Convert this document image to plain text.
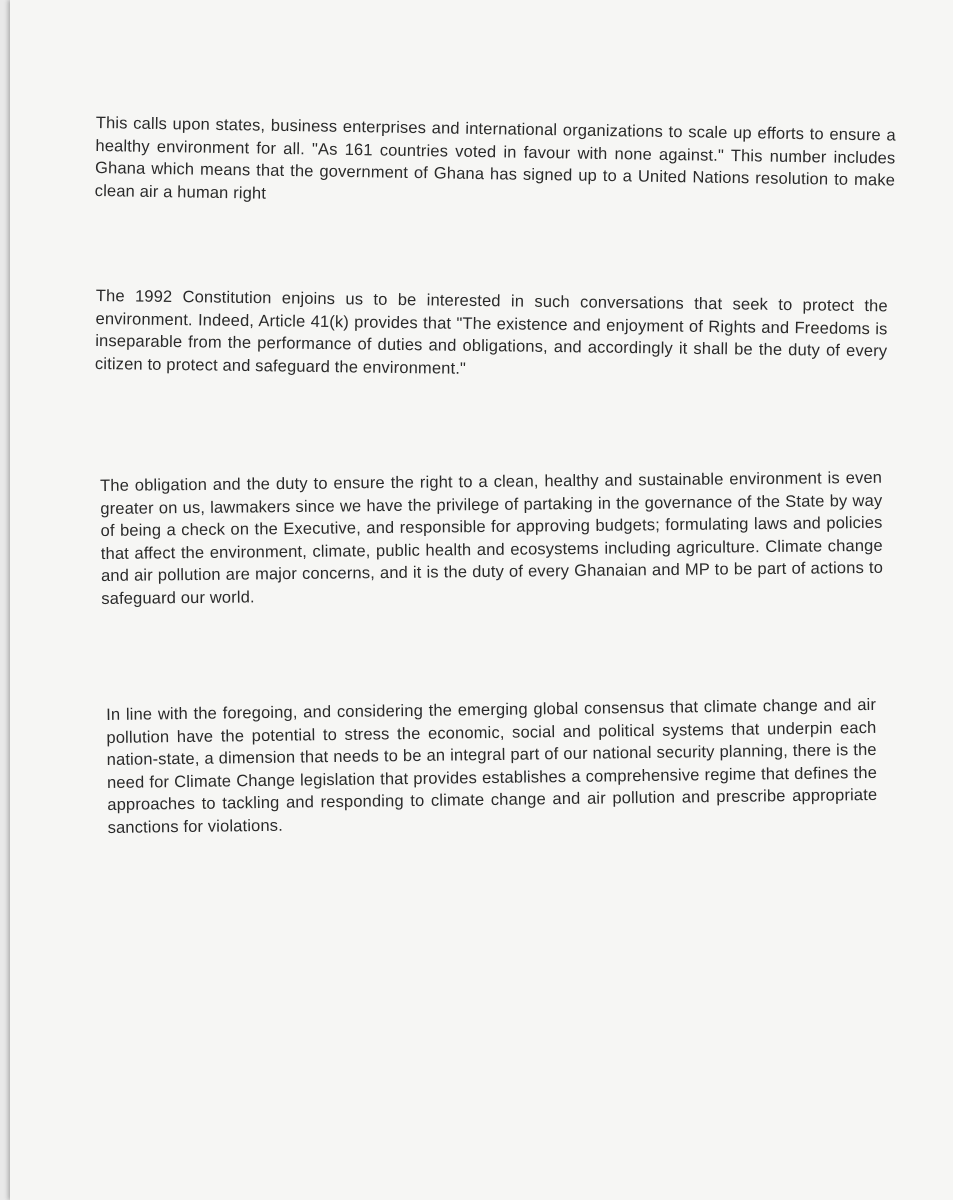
This calls upon states, business enterprises and international organizations to scale up efforts to ensure a healthy environment for all. "As 161 countries voted in favour with none against." This number includes Ghana which means that the government of Ghana has signed up to a United Nations resolution to make clean air a human right

The 1992 Constitution enjoins us to be interested in such conversations that seek to protect the environment. Indeed, Article 41(k) provides that "The existence and enjoyment of Rights and Freedoms is inseparable from the performance of duties and obligations, and accordingly it shall be the duty of every citizen to protect and safeguard the environment."

The obligation and the duty to ensure the right to a clean, healthy and sustainable environment is even greater on us, lawmakers since we have the privilege of partaking in the governance of the State by way of being a check on the Executive, and responsible for approving budgets; formulating laws and policies that affect the environment, climate, public health and ecosystems including agriculture. Climate change and air pollution are major concerns, and it is the duty of every Ghanaian and MP to be part of actions to safeguard our world.

In line with the foregoing, and considering the emerging global consensus that climate change and air pollution have the potential to stress the economic, social and political systems that underpin each nation-state, a dimension that needs to be an integral part of our national security planning, there is the need for Climate Change legislation that provides establishes a comprehensive regime that defines the approaches to tackling and responding to climate change and air pollution and prescribe appropriate sanctions for violations.
